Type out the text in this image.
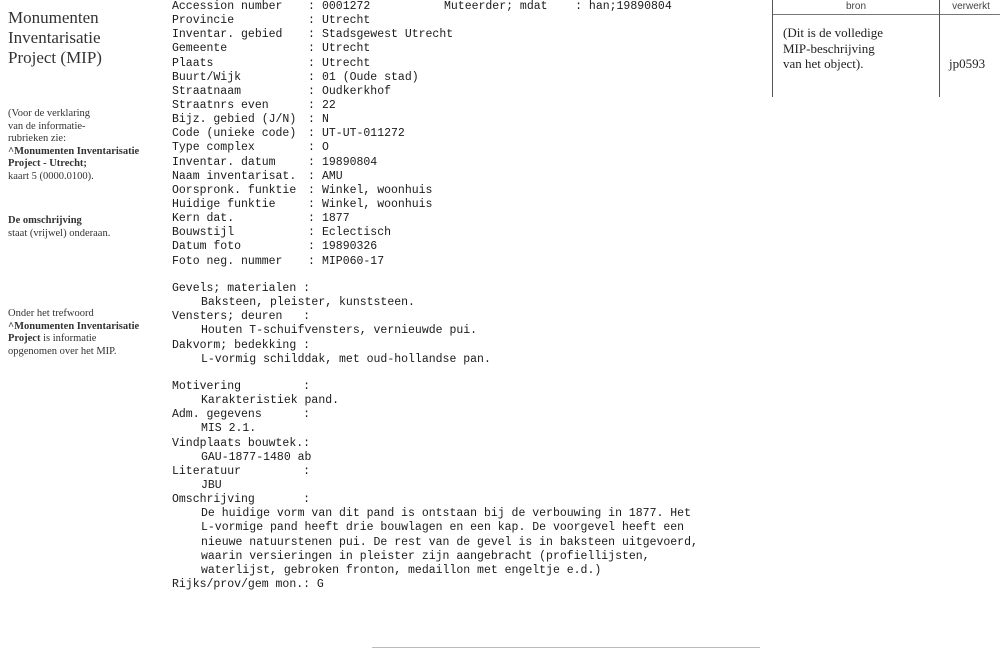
Monumenten
Inventarisatie
Project (MIP)
(Voor de verklaring
van de informatie-
rubrieken zie:
^Monumenten Inventarisatie
Project - Utrecht;
kaart 5 (0000.0100).
De omschrijving
staat (vrijwel) onderaan.
Onder het trefwoord
^Monumenten Inventarisatie
Project is informatie
opgenomen over het MIP.
Muteerder; mdat    : han;19890804
Accession number	: 0001272
Provincie	: Utrecht
Inventar. gebied	: Stadsgewest Utrecht
Gemeente	: Utrecht
Plaats	: Utrecht
Buurt/Wijk	: 01 (Oude stad)
Straatnaam	: Oudkerkhof
Straatnrs even	: 22
Bijz. gebied (J/N)	: N
Code (unieke code)	: UT-UT-011272
Type complex	: O
Inventar. datum	: 19890804
Naam inventarisat.	: AMU
Oorspronk. funktie	: Winkel, woonhuis
Huidige funktie	: Winkel, woonhuis
Kern dat.	: 1877
Bouwstijl	: Eclectisch
Datum foto	: 19890326
Foto neg. nummer	: MIP060-17
Gevels; materialen :
Baksteen, pleister, kunststeen.
Vensters; deuren   :
Houten T-schuifvensters, vernieuwde pui.
Dakvorm; bedekking :
L-vormig schilddak, met oud-hollandse pan.
Motivering         :
Karakteristiek pand.
Adm. gegevens      :
MIS 2.1.
Vindplaats bouwtek.:
GAU-1877-1480 ab
Literatuur         :
JBU
Omschrijving       :
De huidige vorm van dit pand is ontstaan bij de verbouwing in 1877. Het
L-vormige pand heeft drie bouwlagen en een kap. De voorgevel heeft een
nieuwe natuurstenen pui. De rest van de gevel is in baksteen uitgevoerd,
waarin versieringen in pleister zijn aangebracht (profiellijsten,
waterlijst, gebroken fronton, medaillon met engeltje e.d.)
Rijks/prov/gem mon.: G
bron	verwerkt
(Dit is de volledige
MIP-beschrijving
van het object).	jp0593
